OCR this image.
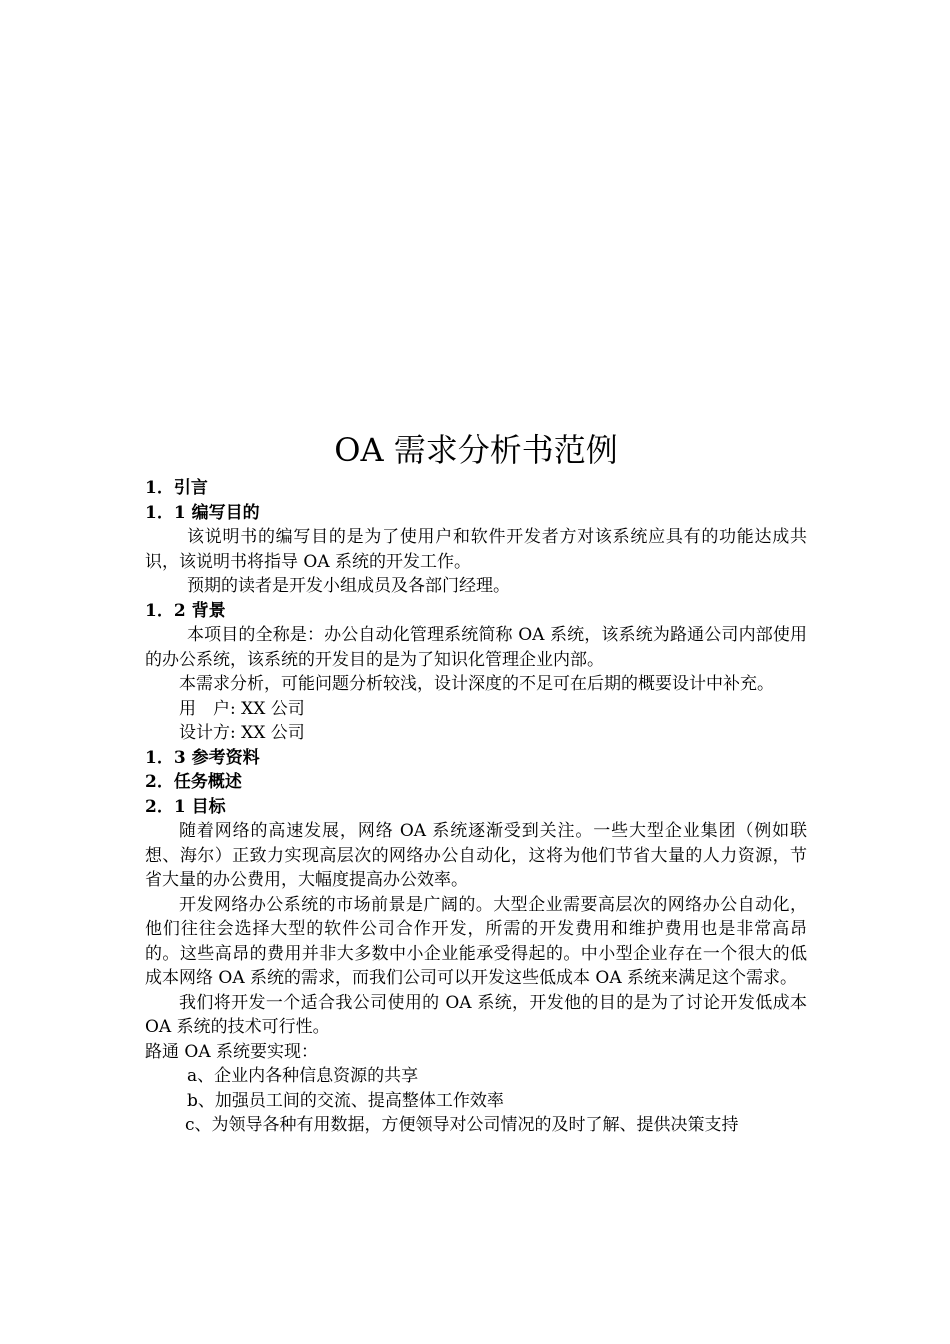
OA 需求分析书范例
1．引言
1．1 编写目的

该说明书的编写目的是为了使用户和软件开发者方对该系统应具有的功能达成共识，该说明书将指导 OA 系统的开发工作。

预期的读者是开发小组成员及各部门经理。

1．2 背景

本项目的全称是：办公自动化管理系统简称 OA 系统，该系统为路通公司内部使用的办公系统，该系统的开发目的是为了知识化管理企业内部。

本需求分析，可能问题分析较浅，设计深度的不足可在后期的概要设计中补充。

用　户: XX 公司

设计方: XX 公司

1．3 参考资料
2．任务概述
2．1 目标

随着网络的高速发展，网络 OA 系统逐渐受到关注。一些大型企业集团（例如联想、海尔）正致力实现高层次的网络办公自动化，这将为他们节省大量的人力资源，节省大量的办公费用，大幅度提高办公效率。

开发网络办公系统的市场前景是广阔的。大型企业需要高层次的网络办公自动化，他们往往会选择大型的软件公司合作开发，所需的开发费用和维护费用也是非常高昂的。这些高昂的费用并非大多数中小企业能承受得起的。中小型企业存在一个很大的低成本网络 OA 系统的需求，而我们公司可以开发这些低成本 OA 系统来满足这个需求。

我们将开发一个适合我公司使用的 OA 系统，开发他的目的是为了讨论开发低成本 OA 系统的技术可行性。

路通 OA 系统要实现：

a、企业内各种信息资源的共享

b、加强员工间的交流、提高整体工作效率

c、为领导各种有用数据，方便领导对公司情况的及时了解、提供决策支持
